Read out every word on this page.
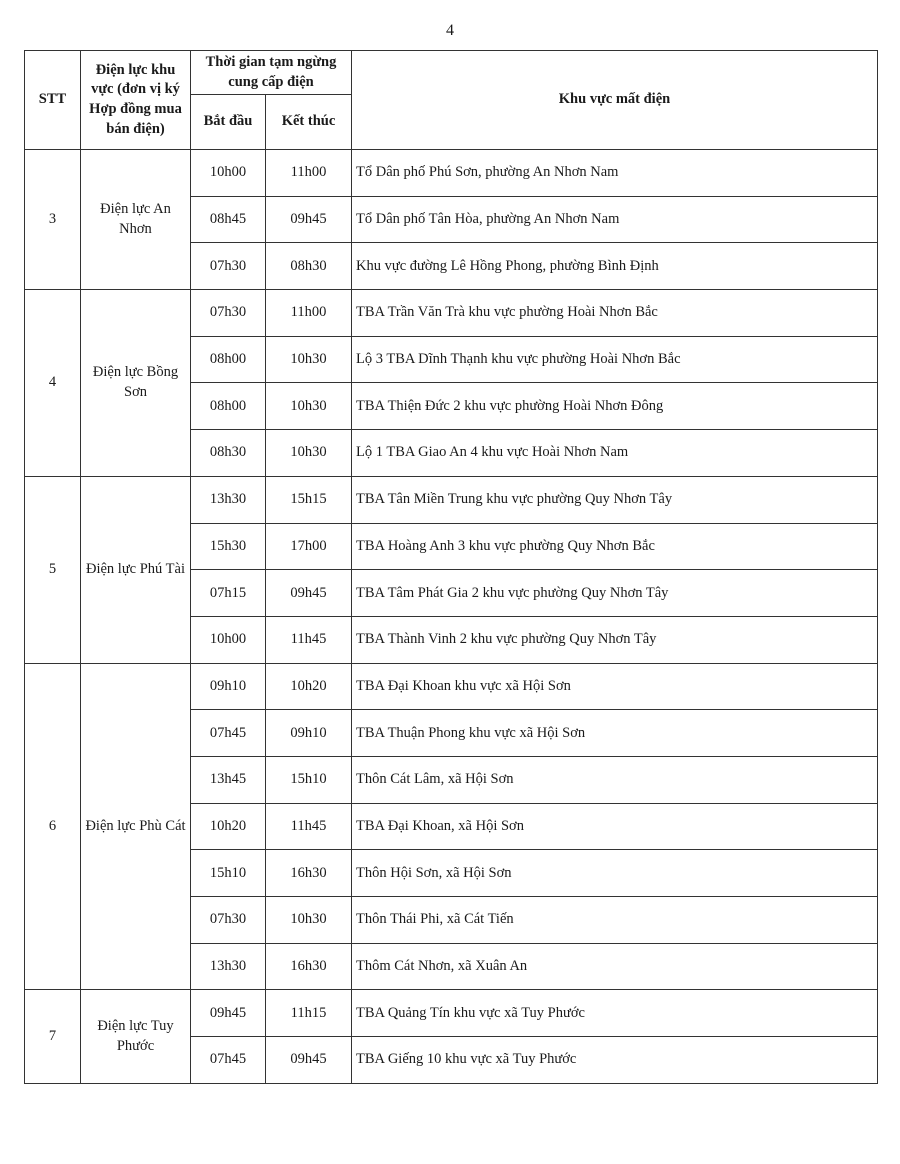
4
STT	Điện lực khu vực (đơn vị ký Hợp đồng mua bán điện)	Thời gian tạm ngừng cung cấp điện		Khu vực mất điện
		Bắt đầu	Kết thúc	
3	Điện lực An Nhơn	10h00	11h00	Tổ Dân phố Phú Sơn, phường An Nhơn Nam
		08h45	09h45	Tổ Dân phố Tân Hòa, phường An Nhơn Nam
		07h30	08h30	Khu vực đường Lê Hồng Phong, phường Bình Định
4	Điện lực Bồng Sơn	07h30	11h00	TBA Trần Văn Trà khu vực phường Hoài Nhơn Bắc
		08h00	10h30	Lộ 3 TBA Dĩnh Thạnh khu vực phường Hoài Nhơn Bắc
		08h00	10h30	TBA Thiện Đức 2 khu vực phường Hoài Nhơn Đông
		08h30	10h30	Lộ 1 TBA Giao An 4 khu vực Hoài Nhơn Nam
5	Điện lực Phú Tài	13h30	15h15	TBA Tân Miền Trung khu vực phường Quy Nhơn Tây
		15h30	17h00	TBA Hoàng Anh 3 khu vực phường Quy Nhơn Bắc
		07h15	09h45	TBA Tâm Phát Gia 2 khu vực phường Quy Nhơn Tây
		10h00	11h45	TBA Thành Vinh 2 khu vực phường Quy Nhơn Tây
6	Điện lực Phù Cát	09h10	10h20	TBA Đại Khoan khu vực xã Hội Sơn
		07h45	09h10	TBA Thuận Phong khu vực xã Hội Sơn
		13h45	15h10	Thôn Cát Lâm, xã Hội Sơn
		10h20	11h45	TBA Đại Khoan, xã Hội Sơn
		15h10	16h30	Thôn Hội Sơn, xã Hội Sơn
		07h30	10h30	Thôn Thái Phi, xã Cát Tiến
		13h30	16h30	Thôm Cát Nhơn, xã Xuân An
7	Điện lực Tuy Phước	09h45	11h15	TBA Quảng Tín khu vực xã Tuy Phước
		07h45	09h45	TBA Giếng 10 khu vực xã Tuy Phước
